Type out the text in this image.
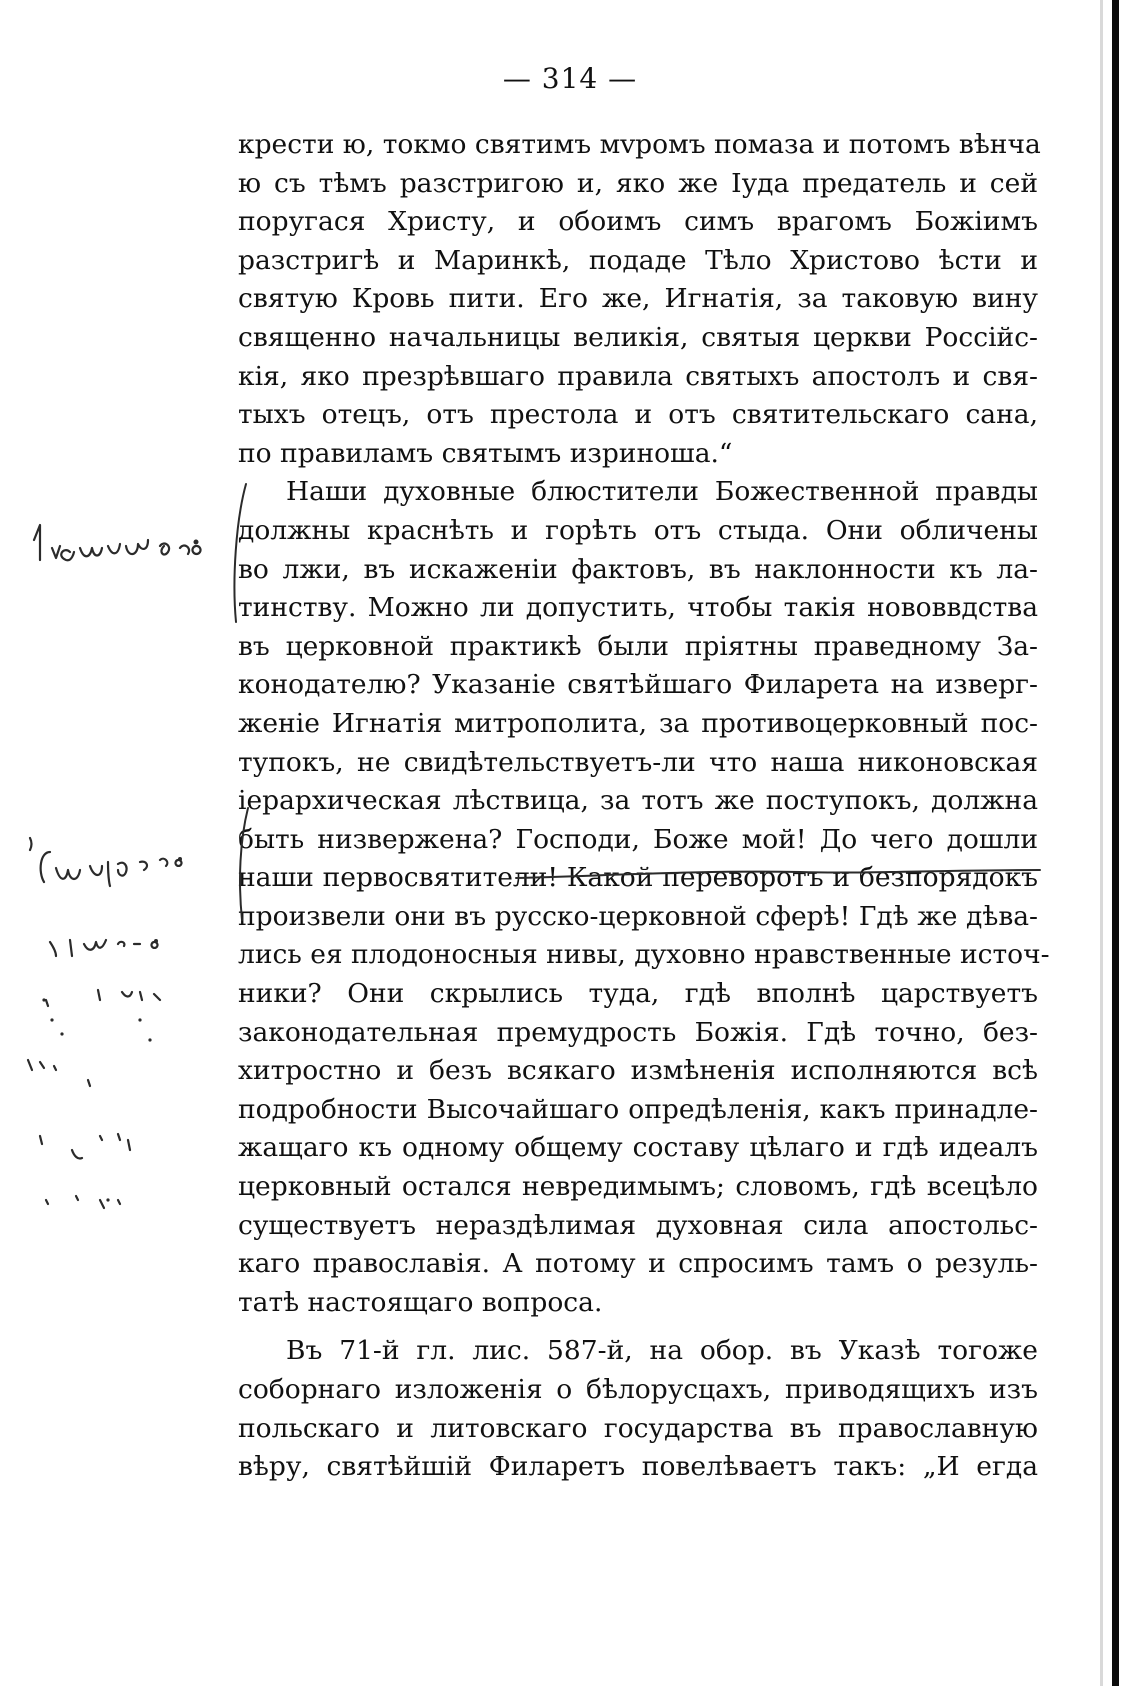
— 314 —
крести ю, токмо святимъ мvромъ помаза и потомъ вѣнча
ю съ тѣмъ разстригою и, яко же Іуда предатель и сей
поругася Христу, и обоимъ симъ врагомъ Божіимъ
разстригѣ и Маринкѣ, подаде Тѣло Христово ѣсти и
святую Кровь пити. Его же, Игнатія, за таковую вину
священно начальницы великія, святыя церкви Россійс-
кія, яко презрѣвшаго правила святыхъ апостолъ и свя-
тыхъ отецъ, отъ престола и отъ святительскаго сана,
по правиламъ святымъ изриноша.“
Наши духовные блюстители Божественной правды
должны краснѣть и горѣть отъ стыда. Они обличены
во лжи, въ искаженіи фактовъ, въ наклонности къ ла-
тинству. Можно ли допустить, чтобы такія нововвдства
въ церковной практикѣ были пріятны праведному За-
конодателю? Указаніе святѣйшаго Филарета на изверг-
женіе Игнатія митрополита, за противоцерковный пос-
тупокъ, не свидѣтельствуетъ-ли что наша никоновская
іерархическая лѣствица, за тотъ же поступокъ, должна
быть низвержена? Господи, Боже мой! До чего дошли
наши первосвятители! Какой переворотъ и безпорядокъ
произвели они въ русско-церковной сферѣ! Гдѣ же дѣва-
лись ея плодоносныя нивы, духовно нравственные источ-
ники? Они скрылись туда, гдѣ вполнѣ царствуетъ
законодательная премудрость Божія. Гдѣ точно, без-
хитростно и безъ всякаго измѣненія исполняются всѣ
подробности Высочайшаго опредѣленія, какъ принадле-
жащаго къ одному общему составу цѣлаго и гдѣ идеалъ
церковный остался невредимымъ; словомъ, гдѣ всецѣло
существуетъ нераздѣлимая духовная сила апостольс-
каго православія. А потому и спросимъ тамъ о резуль-
татѣ настоящаго вопроса.
Въ 71-й гл. лис. 587-й, на обор. въ Указѣ тогоже
соборнаго изложенія о бѣлорусцахъ, приводящихъ изъ
польскаго и литовскаго государства въ православную
вѣру, святѣйшій Филаретъ повелѣваетъ такъ: „И егда
